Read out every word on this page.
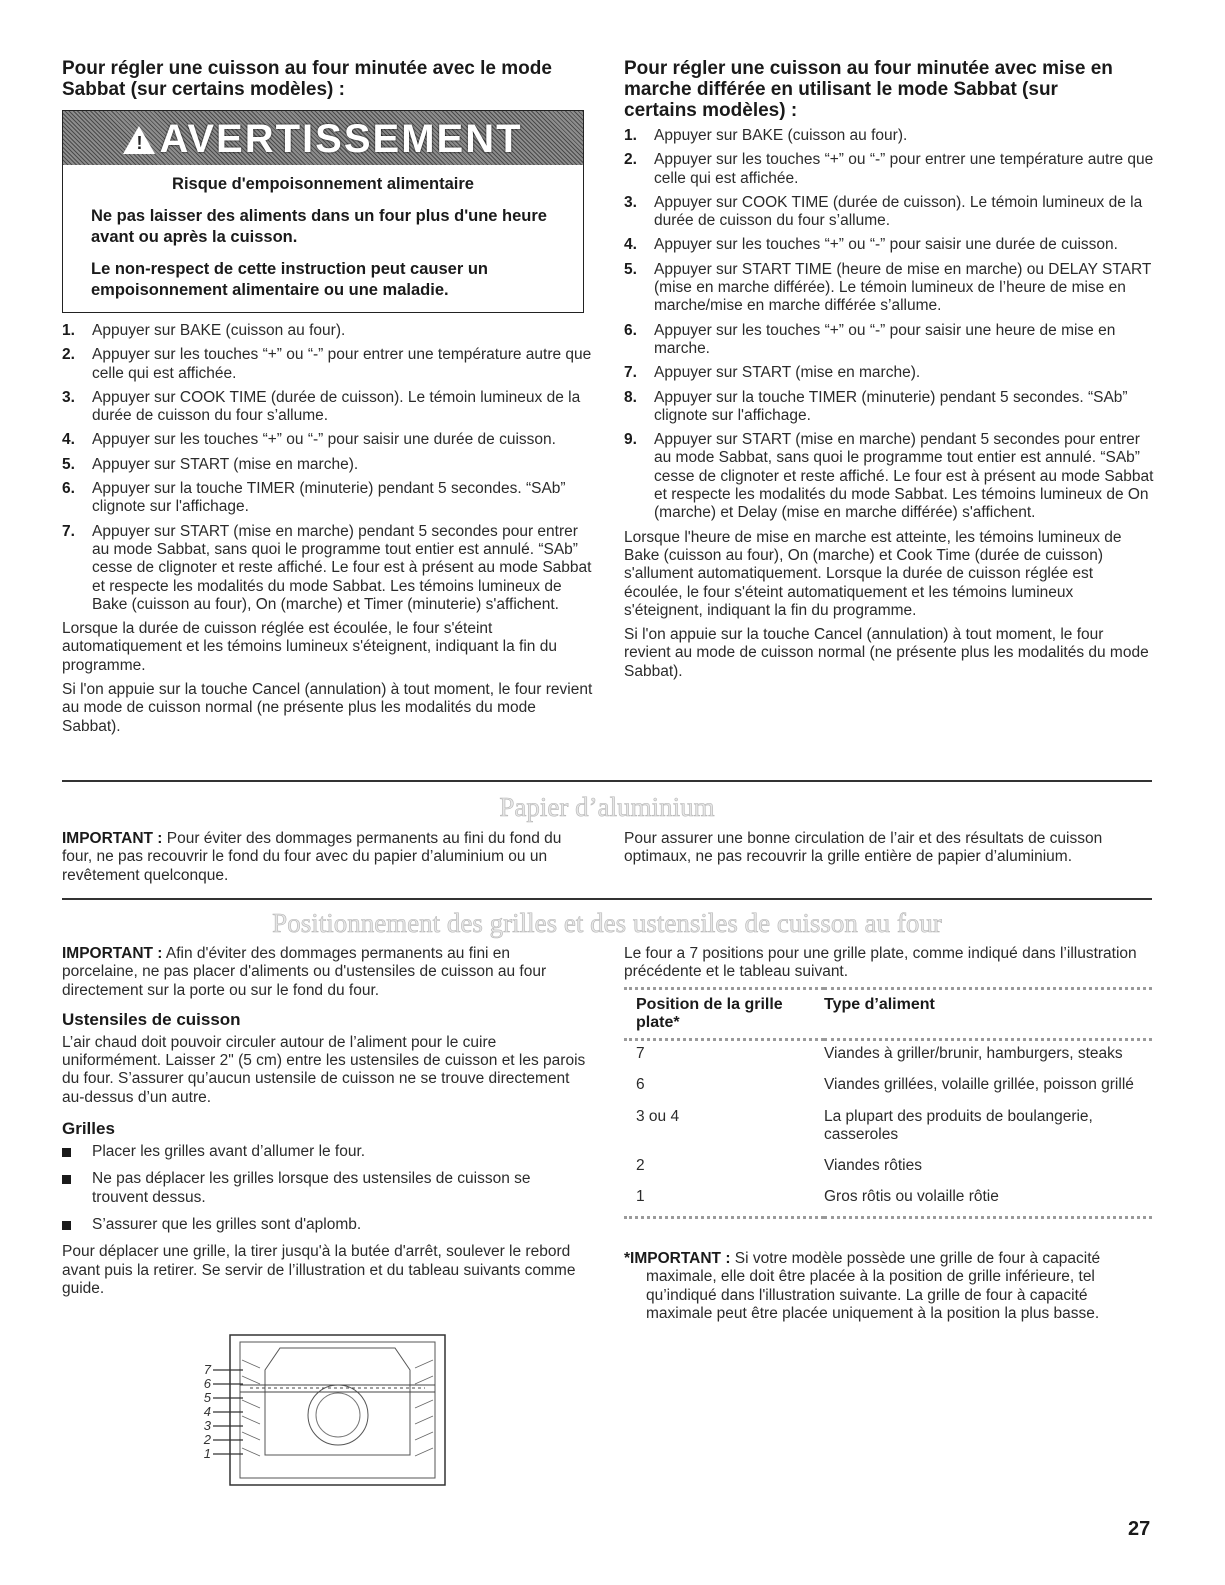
Pour régler une cuisson au four minutée avec le mode Sabbat (sur certains modèles) :
! AVERTISSEMENT
Risque d'empoisonnement alimentaire
Ne pas laisser des aliments dans un four plus d'une heure avant ou après la cuisson.
Le non-respect de cette instruction peut causer un empoisonnement alimentaire ou une maladie.
1. Appuyer sur BAKE (cuisson au four).
2. Appuyer sur les touches “+” ou “-” pour entrer une température autre que celle qui est affichée.
3. Appuyer sur COOK TIME (durée de cuisson). Le témoin lumineux de la durée de cuisson du four s’allume.
4. Appuyer sur les touches “+” ou “-” pour saisir une durée de cuisson.
5. Appuyer sur START (mise en marche).
6. Appuyer sur la touche TIMER (minuterie) pendant 5 secondes. “SAb” clignote sur l'affichage.
7. Appuyer sur START (mise en marche) pendant 5 secondes pour entrer au mode Sabbat, sans quoi le programme tout entier est annulé. “SAb” cesse de clignoter et reste affiché. Le four est à présent au mode Sabbat et respecte les modalités du mode Sabbat. Les témoins lumineux de Bake (cuisson au four), On (marche) et Timer (minuterie) s'affichent.

Lorsque la durée de cuisson réglée est écoulée, le four s'éteint automatiquement et les témoins lumineux s'éteignent, indiquant la fin du programme.

Si l'on appuie sur la touche Cancel (annulation) à tout moment, le four revient au mode de cuisson normal (ne présente plus les modalités du mode Sabbat).

Pour régler une cuisson au four minutée avec mise en marche différée en utilisant le mode Sabbat (sur certains modèles) :
1. Appuyer sur BAKE (cuisson au four).
2. Appuyer sur les touches “+” ou “-” pour entrer une température autre que celle qui est affichée.
3. Appuyer sur COOK TIME (durée de cuisson). Le témoin lumineux de la durée de cuisson du four s’allume.
4. Appuyer sur les touches “+” ou “-” pour saisir une durée de cuisson.
5. Appuyer sur START TIME (heure de mise en marche) ou DELAY START (mise en marche différée). Le témoin lumineux de l’heure de mise en marche/mise en marche différée s’allume.
6. Appuyer sur les touches “+” ou “-” pour saisir une heure de mise en marche.
7. Appuyer sur START (mise en marche).
8. Appuyer sur la touche TIMER (minuterie) pendant 5 secondes. “SAb” clignote sur l'affichage.
9. Appuyer sur START (mise en marche) pendant 5 secondes pour entrer au mode Sabbat, sans quoi le programme tout entier est annulé. “SAb” cesse de clignoter et reste affiché. Le four est à présent au mode Sabbat et respecte les modalités du mode Sabbat. Les témoins lumineux de On (marche) et Delay (mise en marche différée) s'affichent.

Lorsque l'heure de mise en marche est atteinte, les témoins lumineux de Bake (cuisson au four), On (marche) et Cook Time (durée de cuisson) s'allument automatiquement. Lorsque la durée de cuisson réglée est écoulée, le four s'éteint automatiquement et les témoins lumineux s'éteignent, indiquant la fin du programme.

Si l'on appuie sur la touche Cancel (annulation) à tout moment, le four revient au mode de cuisson normal (ne présente plus les modalités du mode Sabbat).

Papier d’aluminium

IMPORTANT : Pour éviter des dommages permanents au fini du fond du four, ne pas recouvrir le fond du four avec du papier d’aluminium ou un revêtement quelconque.

Pour assurer une bonne circulation de l’air et des résultats de cuisson optimaux, ne pas recouvrir la grille entière de papier d’aluminium.

Positionnement des grilles et des ustensiles de cuisson au four

IMPORTANT : Afin d'éviter des dommages permanents au fini en porcelaine, ne pas placer d'aliments ou d'ustensiles de cuisson au four directement sur la porte ou sur le fond du four.

Ustensiles de cuisson

L’air chaud doit pouvoir circuler autour de l’aliment pour le cuire uniformément. Laisser 2" (5 cm) entre les ustensiles de cuisson et les parois du four. S’assurer qu’aucun ustensile de cuisson ne se trouve directement au-dessus d’un autre.

Grilles
Placer les grilles avant d’allumer le four.
Ne pas déplacer les grilles lorsque des ustensiles de cuisson se trouvent dessus.
S’assurer que les grilles sont d'aplomb.

Pour déplacer une grille, la tirer jusqu'à la butée d'arrêt, soulever le rebord avant puis la retirer. Se servir de l’illustration et du tableau suivants comme guide.

7
6
5
4
3
2
1

Le four a 7 positions pour une grille plate, comme indiqué dans l’illustration précédente et le tableau suivant.

Position de la grille plate*	Type d’aliment
7	Viandes à griller/brunir, hamburgers, steaks
6	Viandes grillées, volaille grillée, poisson grillé
3 ou 4	La plupart des produits de boulangerie, casseroles
2	Viandes rôties
1	Gros rôtis ou volaille rôtie

*IMPORTANT : Si votre modèle possède une grille de four à capacité maximale, elle doit être placée à la position de grille inférieure, tel qu’indiqué dans l'illustration suivante. La grille de four à capacité maximale peut être placée uniquement à la position la plus basse.

27
